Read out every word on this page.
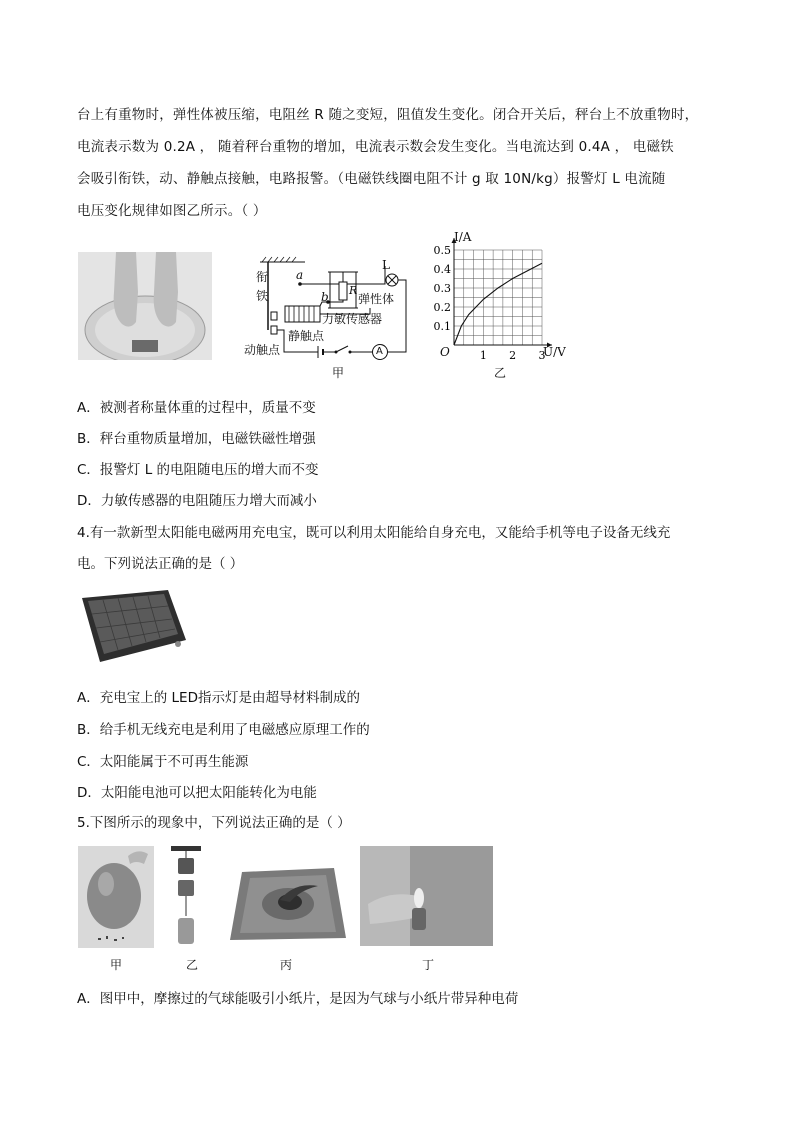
台上有重物时，弹性体被压缩，电阻丝 R 随之变短，阻值发生变化。闭合开关后，秤台上不放重物时，
电流表示数为 0.2A ， 随着秤台重物的增加，电流表示数会发生变化。当电流达到 0.4A ， 电磁铁
会吸引衔铁，动、静触点接触，电路报警。（电磁铁线圈电阻不计 g 取 10N/kg）报警灯 L 电流随
电压变化规律如图乙所示。（ ）
衔
铁
a
b R
L
弹性体
力敏传感器
静触点
动触点	A
甲
0.1
0.2
0.3
0.4
0.5
1 2 3
I/A
U/V
O
乙
A．被测者称量体重的过程中，质量不变
B．秤台重物质量增加，电磁铁磁性增强
C．报警灯 L 的电阻随电压的增大而不变
D．力敏传感器的电阻随压力增大而减小
4.有一款新型太阳能电磁两用充电宝，既可以利用太阳能给自身充电，又能给手机等电子设备无线充
电。下列说法正确的是（ ）
A．充电宝上的 LED指示灯是由超导材料制成的
B．给手机无线充电是利用了电磁感应原理工作的
C．太阳能属于不可再生能源
D．太阳能电池可以把太阳能转化为电能
5.下图所示的现象中，下列说法正确的是（ ）
甲	乙	丙	丁
A．图甲中，摩擦过的气球能吸引小纸片，是因为气球与小纸片带异种电荷
